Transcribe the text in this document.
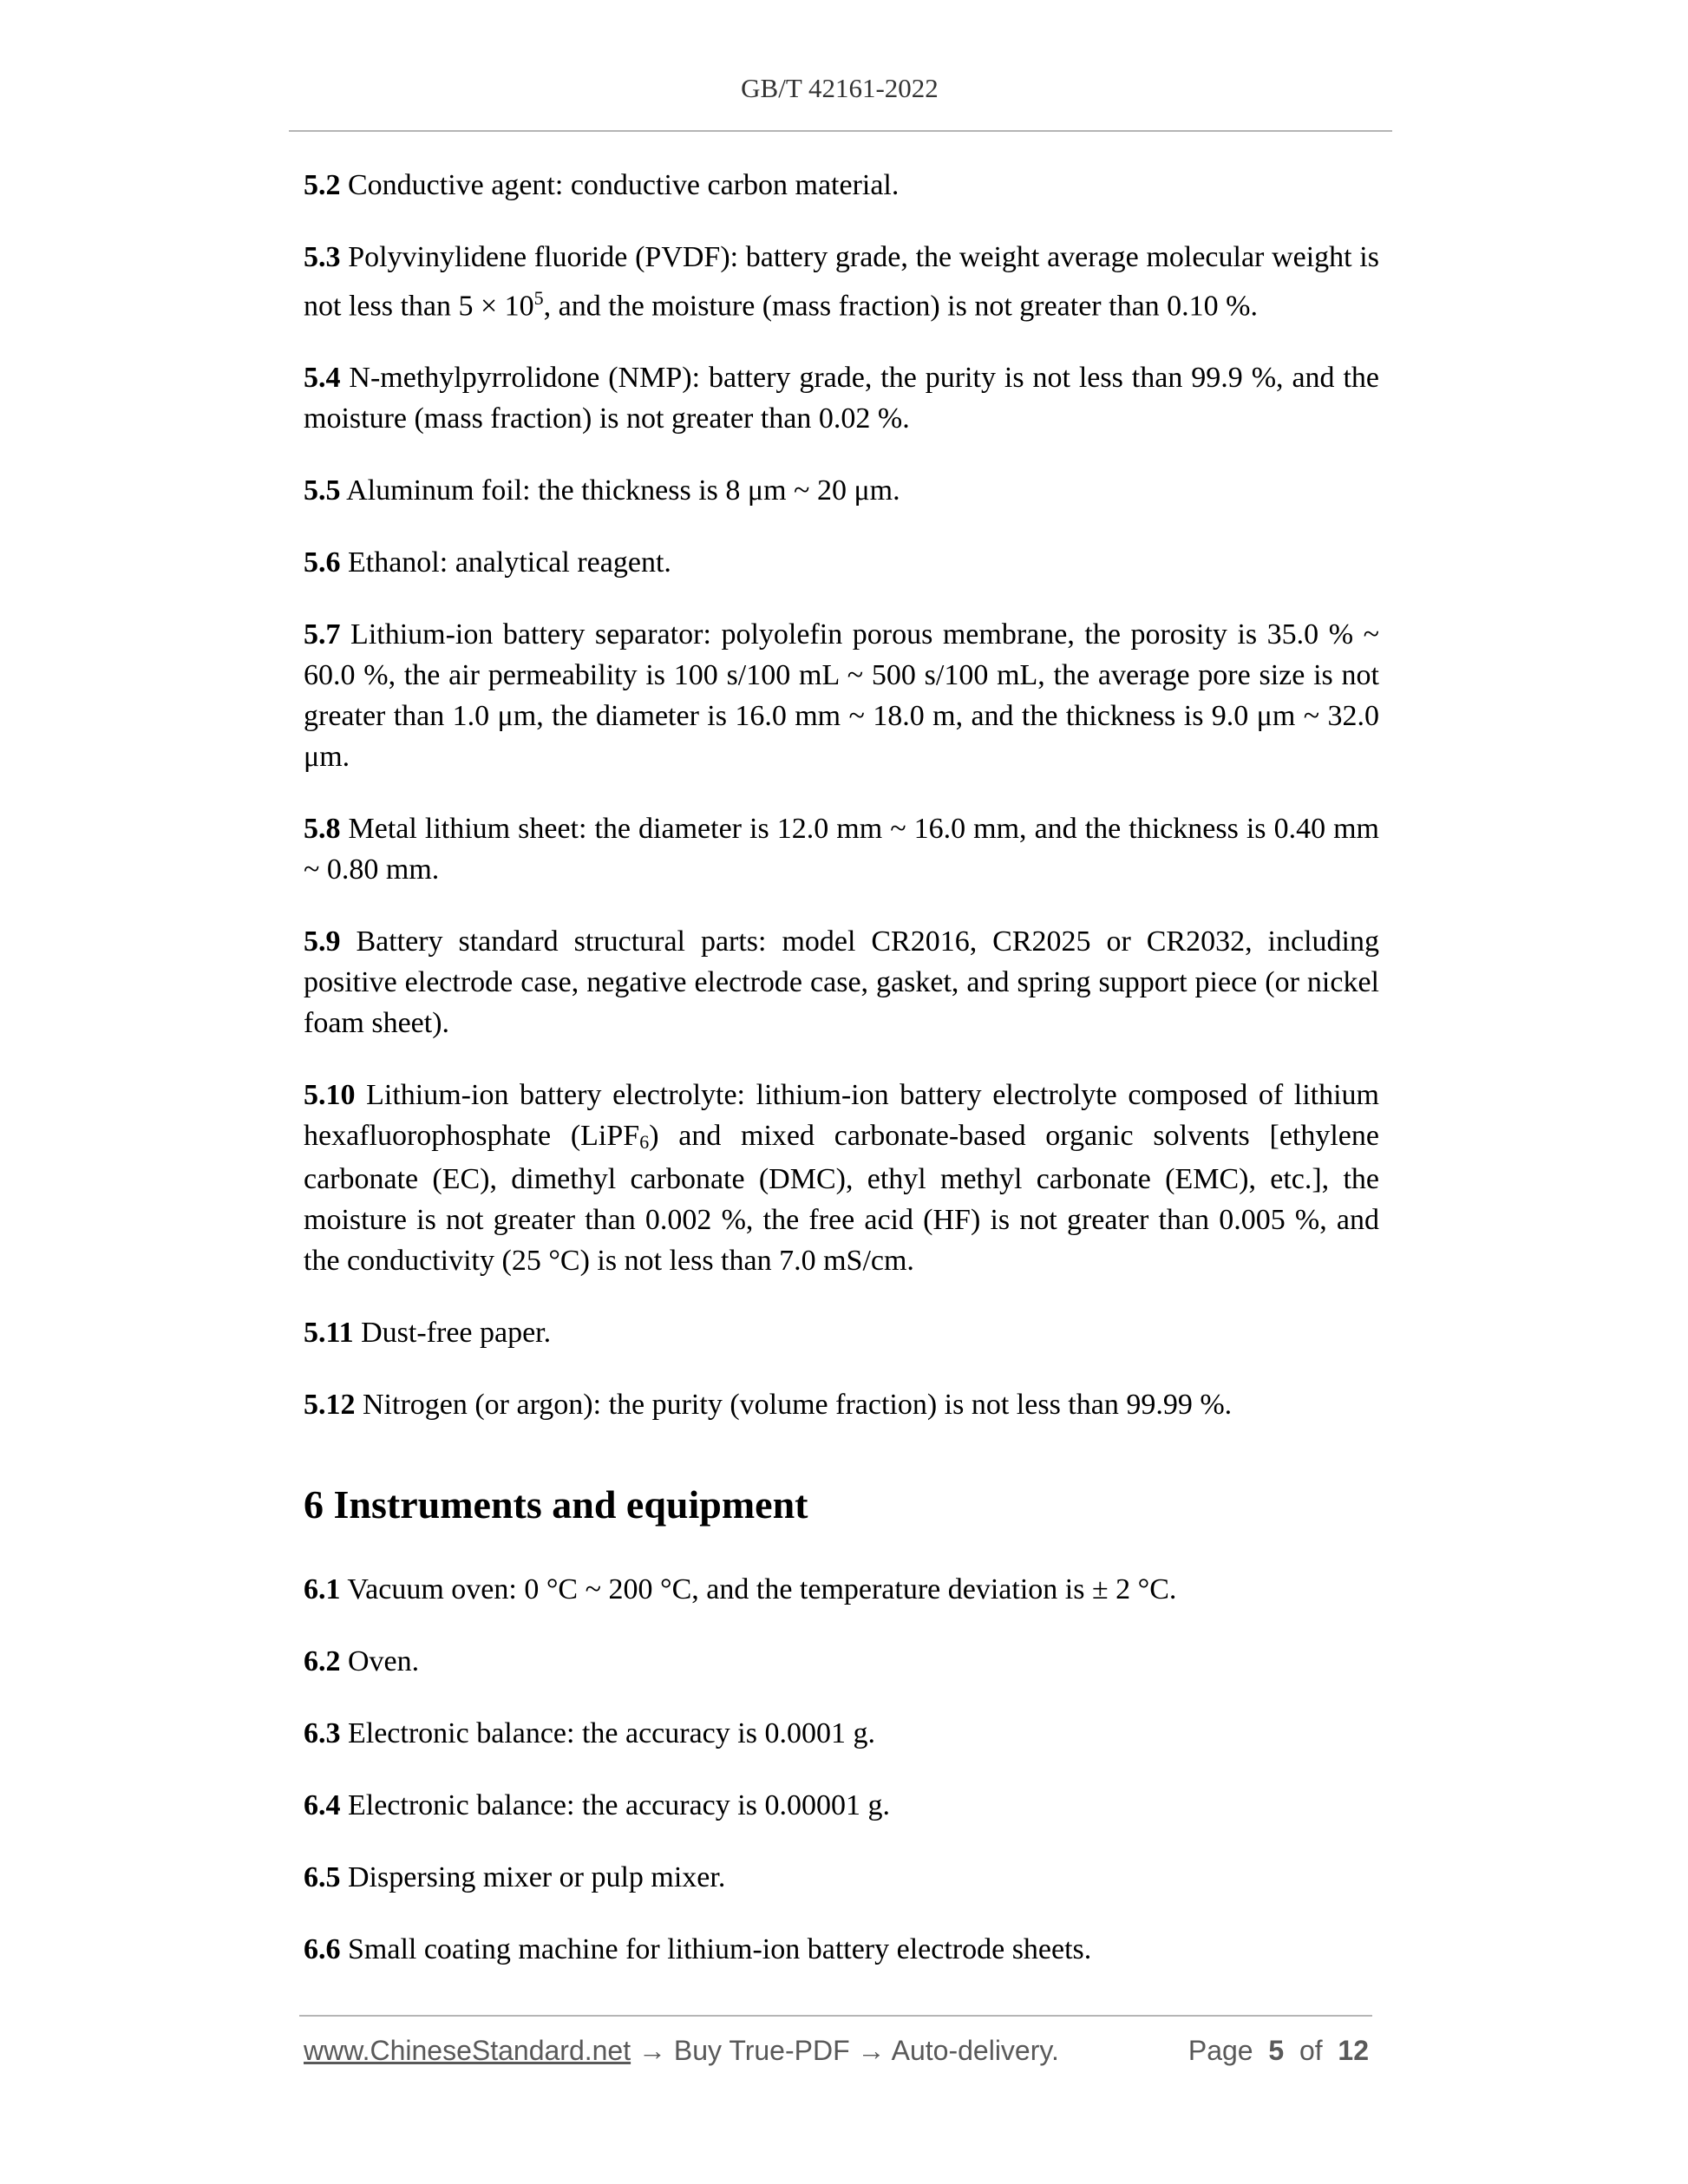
GB/T 42161-2022

5.2 Conductive agent: conductive carbon material.

5.3 Polyvinylidene fluoride (PVDF): battery grade, the weight average molecular weight is not less than $5 \times 10^5$, and the moisture (mass fraction) is not greater than 0.10 %.

5.4 N-methylpyrrolidone (NMP): battery grade, the purity is not less than 99.9 %, and the moisture (mass fraction) is not greater than 0.02 %.

5.5 Aluminum foil: the thickness is 8 μm ~ 20 μm.

5.6 Ethanol: analytical reagent.

5.7 Lithium-ion battery separator: polyolefin porous membrane, the porosity is 35.0 % ~ 60.0 %, the air permeability is 100 s/100 mL ~ 500 s/100 mL, the average pore size is not greater than 1.0 μm, the diameter is 16.0 mm ~ 18.0 m, and the thickness is 9.0 μm ~ 32.0 μm.

5.8 Metal lithium sheet: the diameter is 12.0 mm ~ 16.0 mm, and the thickness is 0.40 mm ~ 0.80 mm.

5.9 Battery standard structural parts: model CR2016, CR2025 or CR2032, including positive electrode case, negative electrode case, gasket, and spring support piece (or nickel foam sheet).

5.10 Lithium-ion battery electrolyte: lithium-ion battery electrolyte composed of lithium hexafluorophosphate (LiPF$_6$) and mixed carbonate-based organic solvents [ethylene carbonate (EC), dimethyl carbonate (DMC), ethyl methyl carbonate (EMC), etc.], the moisture is not greater than 0.002 %, the free acid (HF) is not greater than 0.005 %, and the conductivity (25 °C) is not less than 7.0 mS/cm.

5.11 Dust-free paper.

5.12 Nitrogen (or argon): the purity (volume fraction) is not less than 99.99 %.

6 Instruments and equipment

6.1 Vacuum oven: 0 °C ~ 200 °C, and the temperature deviation is ± 2 °C.

6.2 Oven.

6.3 Electronic balance: the accuracy is 0.0001 g.

6.4 Electronic balance: the accuracy is 0.00001 g.

6.5 Dispersing mixer or pulp mixer.

6.6 Small coating machine for lithium-ion battery electrode sheets.

www.ChineseStandard.net → Buy True-PDF → Auto-delivery.	Page 5 of 12
